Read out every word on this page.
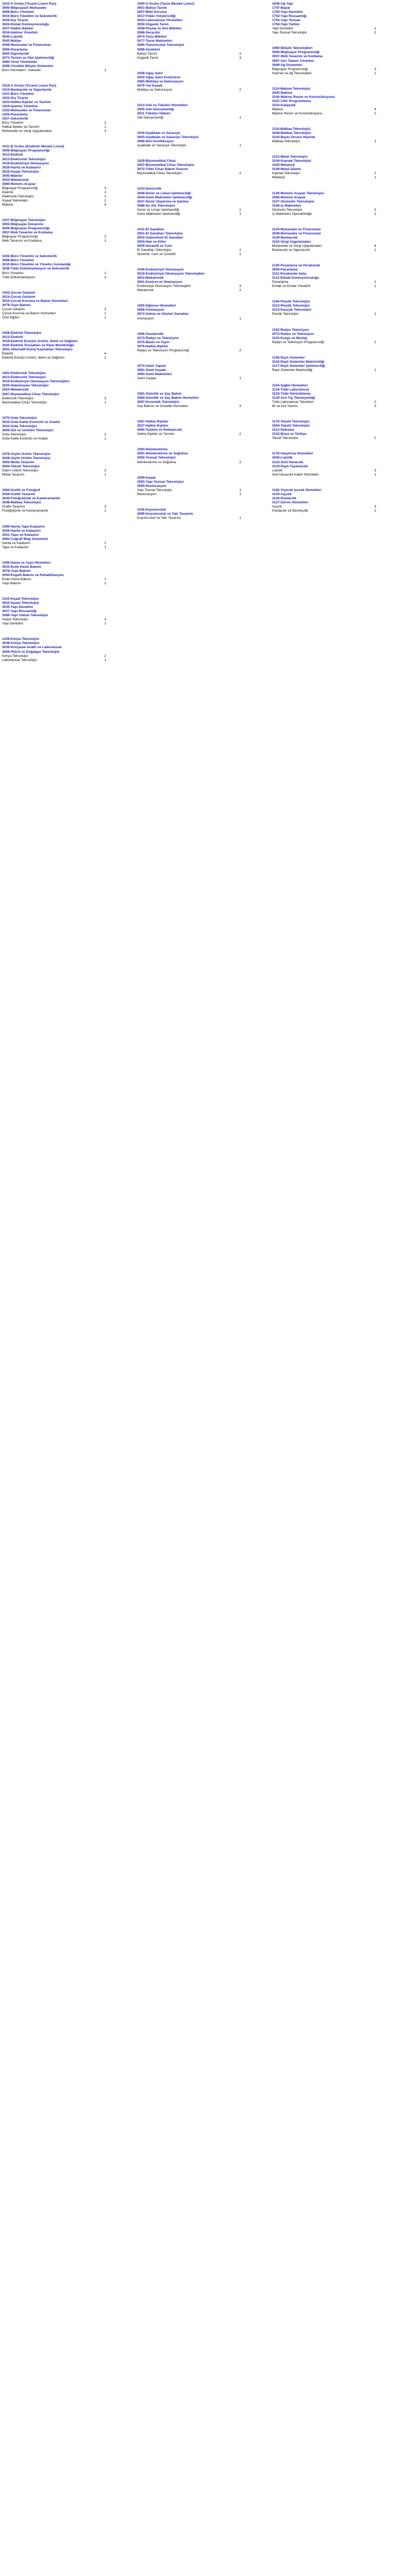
1010-A Grubu (Ticaret Lisesi Pan)
3000-Bilgisayarlı Muhasebe
3008-Büro Yönetimi
3010-Büro Yönetimi ve Sekreterlik
3016-Dış Ticaret
3024-Emlak Komisyonculuğu
3027-Halkla İlişkiler
3034-İşletme Yönetimi
3040-Lojistik
3042-Maliye
3049-Muhasebe ve Finansman
3055-Pazarlama
3063-Sigortacılık
3071-Turizm ve Otel İşletmeciliği
3080-Yerel Yönetimler
3098-Yönetim Bilişim Sistemleri
Büro Hizmetleri / Sekreter	1
1018-A Grubu (Ticaret Lisesi Pan)
1019-Bankacılık ve Sigortacılık
1021-Büro Yönetimi
1022-Dış Ticaret
1023-Halkla İlişkiler ve Tanıtım
1024-İşletme Yönetimi
1025-Muhasebe ve Finansman
1026-Pazarlama
1027-Sekreterlik
Büro Yönetimi	2
Halkla İlişkiler ve Tanıtım	1
Muhasebe ve Vergi Uygulamaları	3
1031-B Grubu (Endüstri Meslek Lisesi)
3006-Bilgisayar Programcılığı
3012-Elektrik
3013-Elektronik Teknolojisi
3019-Endüstriyel Otomasyon
3026-Harita ve Kadastro
3032-İnşaat Teknolojisi
3045-Makine
3053-Mekatronik
3060-Motorlu Araçlar
Bilgisayar Programcılığı	3
Elektrik	2
Elektronik Teknolojisi	1
İnşaat Teknolojisi	2
Makine	4
1037-Bilgisayar Teknolojisi
3004-Bilgisayar Donanımı
3006-Bilgisayar Programcılığı
3057-Web Tasarımı ve Kodlama
Bilgisayar Programcılığı	2
Web Tasarımı ve Kodlama	1
1045-Büro Yönetimi ve Sekreterlik
3008-Büro Yönetimi
3010-Büro Yönetimi ve Yönetici Asistanlığı
3036-Tıbbi Dokümantasyon ve Sekreterlik
Büro Yönetimi	1
Tıbbi Dokümantasyon	2
1052-Çocuk Gelişimi
3014-Çocuk Gelişimi
3015-Çocuk Koruma ve Bakım Hizmetleri
3078-Yaşlı Bakımı
Çocuk Gelişimi	3
Çocuk Koruma ve Bakım Hizmetleri	1
Özel Eğitim	1
1058-Elektrik Teknolojisi
3012-Elektrik
3018-Elektrik Enerjisi Üretim, İletim ve Dağıtımı
3020-Elektrik Tesisatları ve Pano Montörlüğü
3041-Alternatif Enerji Kaynakları Teknolojisi
Elektrik	4
Elektrik Enerjisi Üretim, İletim ve Dağıtımı	2
1063-Elektronik Teknolojisi
3013-Elektronik Teknolojisi
3019-Endüstriyel Otomasyon Teknolojileri
3025-Haberleşme Teknolojisi
3053-Mekatronik
3067-Biyomedikal Cihaz Teknolojisi
Elektronik Teknolojisi	3
Biyomedikal Cihaz Teknolojisi	1
1070-Gıda Teknolojisi
3022-Gıda Kalite Kontrolü ve Analizi
3023-Gıda Teknolojisi
3046-Süt ve Ürünleri Teknolojisi
Gıda Teknolojisi	2
Gıda Kalite Kontrolü ve Analizi	1
1078-Giyim Üretim Teknolojisi
3028-Giyim Üretim Teknolojisi
3062-Moda Tasarımı
3064-Tekstil Teknolojisi
Giyim Üretim Teknolojisi	2
Moda Tasarımı	1
1084-Grafik ve Fotoğraf
3029-Grafik Tasarımı
3030-Fotoğrafçılık ve Kameramanlık
3048-Matbaa Teknolojisi
Grafik Tasarımı	3
Fotoğrafçılık ve Kameramanlık	1
1090-Harita Tapu Kadastro
3026-Harita ve Kadastro
3031-Tapu ve Kadastro
3082-Coğrafi Bilgi Sistemleri
Harita ve Kadastro	2
Tapu ve Kadastro	1
1096-Hasta ve Yaşlı Hizmetleri
3033-Evde Hasta Bakımı
3078-Yaşlı Bakımı
3094-Engelli Bakımı ve Rehabilitasyon
Evde Hasta Bakımı	1
Yaşlı Bakımı	2
1102-İnşaat Teknolojisi
3032-İnşaat Teknolojisi
3035-Yapı Denetimi
3037-Yapı Ressamlığı
3086-Yapı Yalıtım Teknolojisi
İnşaat Teknolojisi	3
Yapı Denetimi	1
1108-Kimya Teknolojisi
3038-Kimya Teknolojisi
3039-Kimyasal Analiz ve Laboratuvar
3056-Petrol ve Doğalgaz Teknolojisi
Kimya Teknolojisi	2
Laboratuvar Teknolojisi	1
1000-A Grubu (Tarım Meslek Lisesi)
3001-Bahçe Tarımı
3007-Bitki Koruma
3017-Fidan Yetiştiriciliği
3043-Laboratuvar Hizmetleri
3050-Organik Tarım
3058-Peyzaj ve Süs Bitkileri
3068-Seracılık
3074-Tarla Bitkileri
3077-Tarım Makineleri
3085-Tohumculuk Teknolojisi
3089-Zootekni
Bahçe Tarımı	2
Organik Tarım	3
1008-Ağaç İşleri
3002-Ağaç İşleri Endüstrisi
3065-Mobilya ve Dekorasyon
3079-Yat İnşaatı
Mobilya ve Dekorasyon	2
1014-Aile ve Tüketici Hizmetleri
3005-Aile Danışmanlığı
3011-Tüketici Hakları
Aile Danışmanlığı	1
1016-Ayakkabı ve Saraciye
3003-Ayakkabı ve Saraciye Teknolojisi
3069-Deri Konfeksiyon
Ayakkabı ve Saraciye Teknolojisi	1
1029-Biyomedikal Cihaz
3067-Biyomedikal Cihaz Teknolojisi
3070-Tıbbi Cihaz Bakım Onarım
Biyomedikal Cihaz Teknolojisi	2
1033-Denizcilik
3009-Deniz ve Liman İşletmeciliği
3044-Gemi Makineleri İşletmeciliği
3047-Deniz Ulaştırma ve İşletme
3088-Su Altı Teknolojisi
Deniz ve Liman İşletmeciliği	2
Gemi Makineleri İşletmeciliği	1
1041-El Sanatları
3051-El Sanatları Teknolojisi
3052-Geleneksel El Sanatları
3054-Halı ve Kilim
3059-Seramik ve Cam
El Sanatları Teknolojisi	2
Seramik, Cam ve Çinicilik	1
1049-Endüstriyel Otomasyon
3019-Endüstriyel Otomasyon Teknolojileri
3053-Mekatronik
3061-Kontrol ve Otomasyon
Endüstriyel Otomasyon Teknolojileri	3
Mekatronik	2
1055-Eğlence Hizmetleri
3066-Animasyon
3072-Sahne ve Gösteri Sanatları
Animasyon	1
1066-Gazetecilik
3073-Radyo ve Televizyon
3075-Basın ve Yayın
3076-Halkla İlişkiler
Radyo ve Televizyon Programcılığı	2
1074-Gemi Yapımı
3081-Gemi İnşaatı
3083-Gemi Makineleri
Gemi İnşaatı	1
1081-Güzellik ve Saç Bakım
3084-Güzellik ve Saç Bakım Hizmetleri
3087-Kozmetik Teknolojisi
Saç Bakımı ve Güzellik Hizmetleri	3
1087-Halkla İlişkiler
3027-Halkla İlişkiler
3090-Tanıtım ve Reklamcılık
Halkla İlişkiler ve Tanıtım	2
1093-İklimlendirme
3091-İklimlendirme ve Soğutma
3092-Tesisat Teknolojisi
İklimlendirme ve Soğutma	2
1099-İnşaat
3093-Yapı Tesisat Teknolojisi
3095-Restorasyon
Yapı Tesisat Teknolojisi	1
Restorasyon	1
1105-Kuyumculuk
3096-Kuyumculuk ve Takı Tasarımı
Kuyumculuk ve Takı Tasarımı	1
1040-Ağ Yapı
1747-Bayat
1750-Yapı Denetimi
1752-Yapı Ressamlığı
1754-Yapı Tesisat
1756-Yapı Yalıtım
Yapı Denetimi	1
Yapı Tesisat Teknolojisi	2
1060-Bilişim Teknolojileri
3006-Bilgisayar Programcılığı
3057-Web Tasarımı ve Kodlama
3097-Veri Tabanı Yönetimi
3099-Ağ Sistemleri
Bilgisayar Programcılığı	3
İnternet ve Ağ Teknolojileri	1
1110-Makine Teknolojisi
3045-Makine
3100-Makine Resim ve Konstrüksiyonu
3101-CNC Programlama
3102-Kalıpçılık
Makine	4
Makine Resim ve Konstrüksiyonu	2
1116-Matbaa Teknolojisi
3048-Matbaa Teknolojisi
3103-Baskı Öncesi Hazırlık
Matbaa Teknolojisi	1
1122-Metal Teknolojisi
3104-Kaynak Teknolojisi
3105-Metalurji
3106-Metal İşleme
Kaynak Teknolojisi	2
Metalurji	1
1128-Motorlu Araçlar Teknolojisi
3060-Motorlu Araçlar
3107-Otomotiv Teknolojisi
3108-İş Makineleri
Otomotiv Teknolojisi	3
İş Makineleri Operatörlüğü	1
1134-Muhasebe ve Finansman
3049-Muhasebe ve Finansman
3109-Bankacılık
3110-Vergi Uygulamaları
Muhasebe ve Vergi Uygulamaları	4
Bankacılık ve Sigortacılık	2
1140-Pazarlama ve Perakende
3055-Pazarlama
3111-Perakende Satış
3112-Emlak Komisyonculuğu
Pazarlama	2
Emlak ve Emlak Yönetimi	1
1146-Plastik Teknolojisi
3113-Plastik Teknolojisi
3114-Kauçuk Teknolojisi
Plastik Teknolojisi	1
1152-Radyo Televizyon
3073-Radyo ve Televizyon
3115-Kurgu ve Montaj
Radyo ve Televizyon Programcılığı	2
1158-Raylı Sistemler
3116-Raylı Sistemler Makinistliği
3117-Raylı Sistemler İşletmeciliği
Raylı Sistemler Makinistliği	1
1164-Sağlık Hizmetleri
3118-Tıbbi Laboratuvar
3119-Tıbbi Görüntüleme
3120-Acil Tıp Teknisyenliği
Tıbbi Laboratuvar Teknikleri	2
İlk ve Acil Yardım	3
1170-Tekstil Teknolojisi
3064-Tekstil Teknolojisi
3121-Dokuma
3122-Boya ve Terbiye
Tekstil Teknolojisi	2
1176-Ulaştırma Hizmetleri
3040-Lojistik
3123-Sivil Havacılık
3124-Raylı Taşımacılık
Lojistik	3
Sivil Havacılık Kabin Hizmetleri	1
1182-Yiyecek İçecek Hizmetleri
3125-Aşçılık
3126-Pastacılık
3127-Servis Hizmetleri
Aşçılık	3
Pastacılık ve Ekmekçilik	1
